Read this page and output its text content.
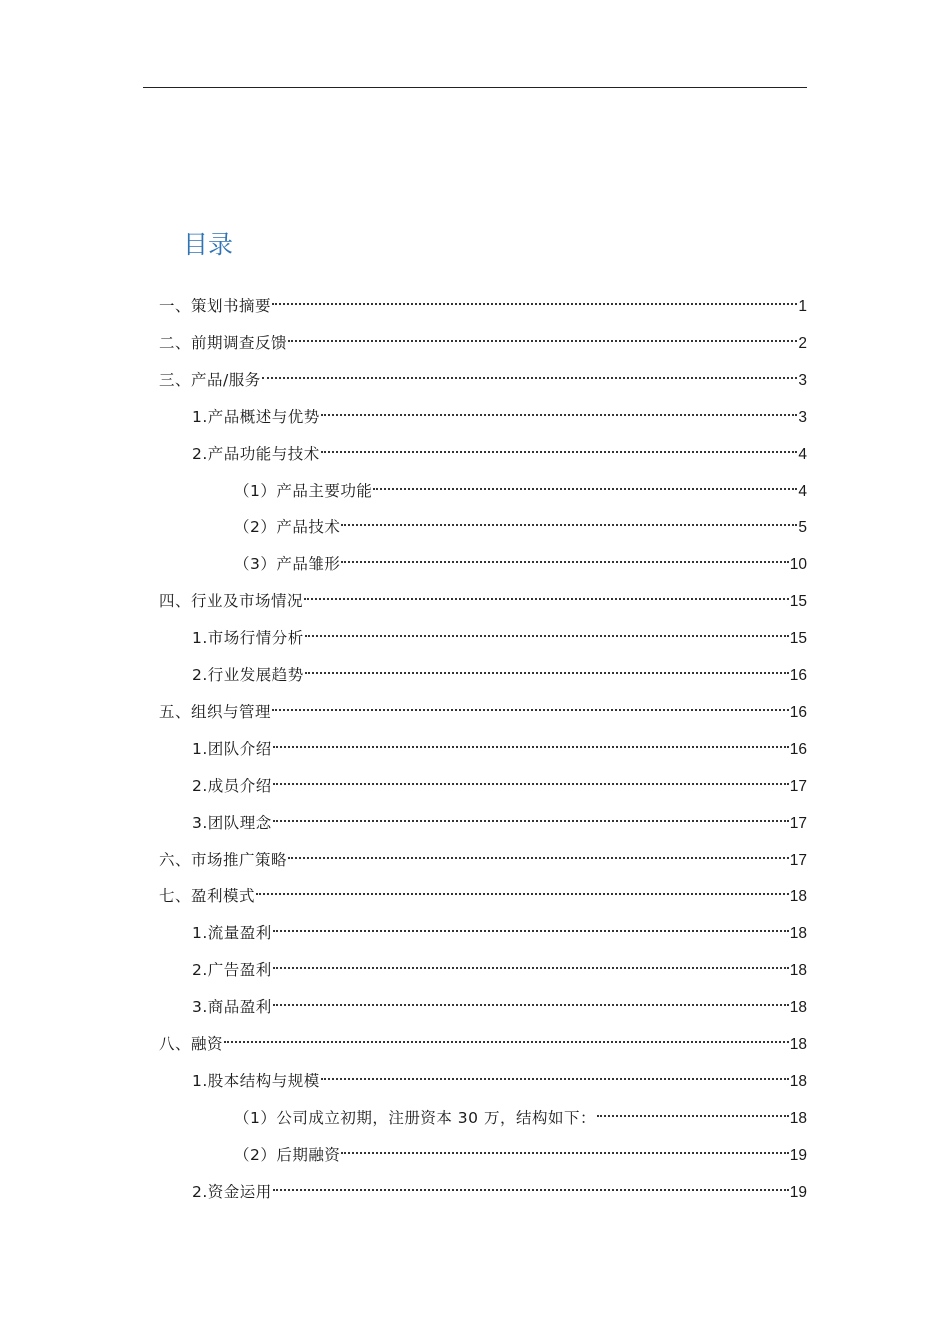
目录
一、策划书摘要	1
二、前期调查反馈	2
三、产品/服务	3
1.产品概述与优势	3
2.产品功能与技术	4
（1）产品主要功能	4
（2）产品技术	5
（3）产品雏形	10
四、行业及市场情况	15
1.市场行情分析	15
2.行业发展趋势	16
五、组织与管理	16
1.团队介绍	16
2.成员介绍	17
3.团队理念	17
六、市场推广策略	17
七、盈利模式	18
1.流量盈利	18
2.广告盈利	18
3.商品盈利	18
八、融资	18
1.股本结构与规模	18
（1）公司成立初期，注册资本 30 万，结构如下：	18
（2）后期融资	19
2.资金运用	19
